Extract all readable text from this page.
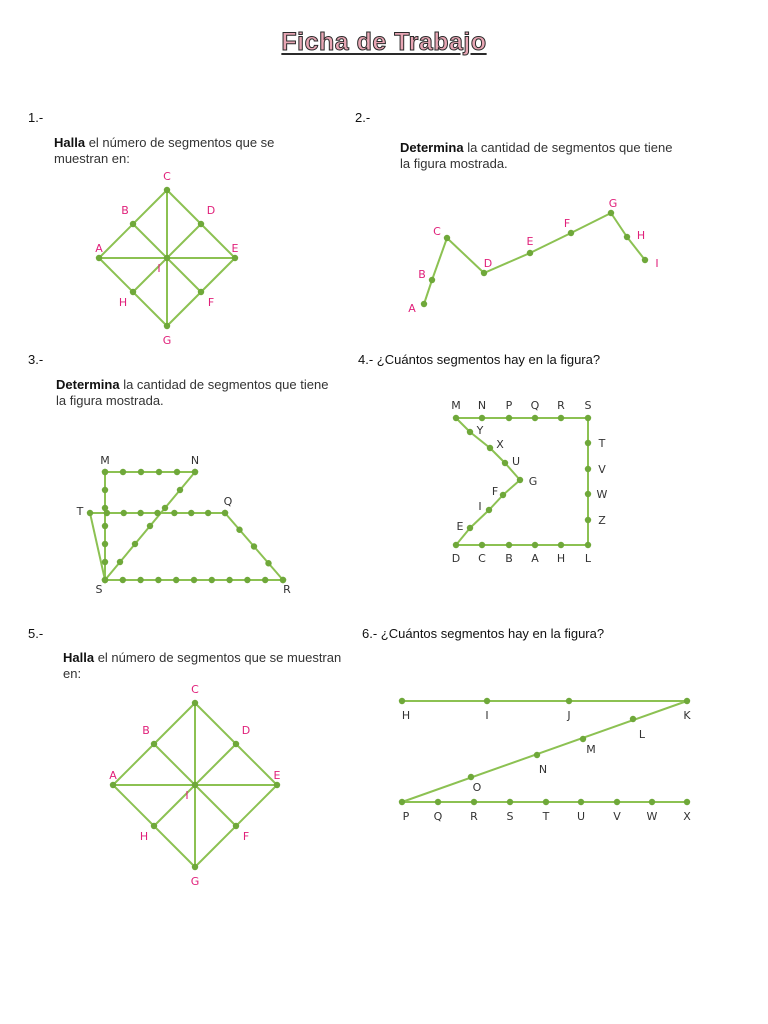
Ficha de Trabajo
1.-
Halla el número de segmentos que se muestran en:
A
B
C
D
E
F
G
H
I
A
B
C
D
E
F
G
H
I
A
B
C
D
E
F
G
H
I
M	N
T
Q
S	R
M N P Q R S
T
V
W
Z
L
H
A
B
C
D
E
I
F
G
U
X
Y
H	I	J	K
L
M
N
O
P Q	R	S	T	U	V W X
2.-
Determina la cantidad de segmentos que tiene la figura mostrada.
3.-
Determina la cantidad de segmentos que tiene la figura mostrada.
4.- ¿Cuántos segmentos hay en la figura?
5.-
Halla el número de segmentos que se muestran en:
6.- ¿Cuántos segmentos hay en la figura?
